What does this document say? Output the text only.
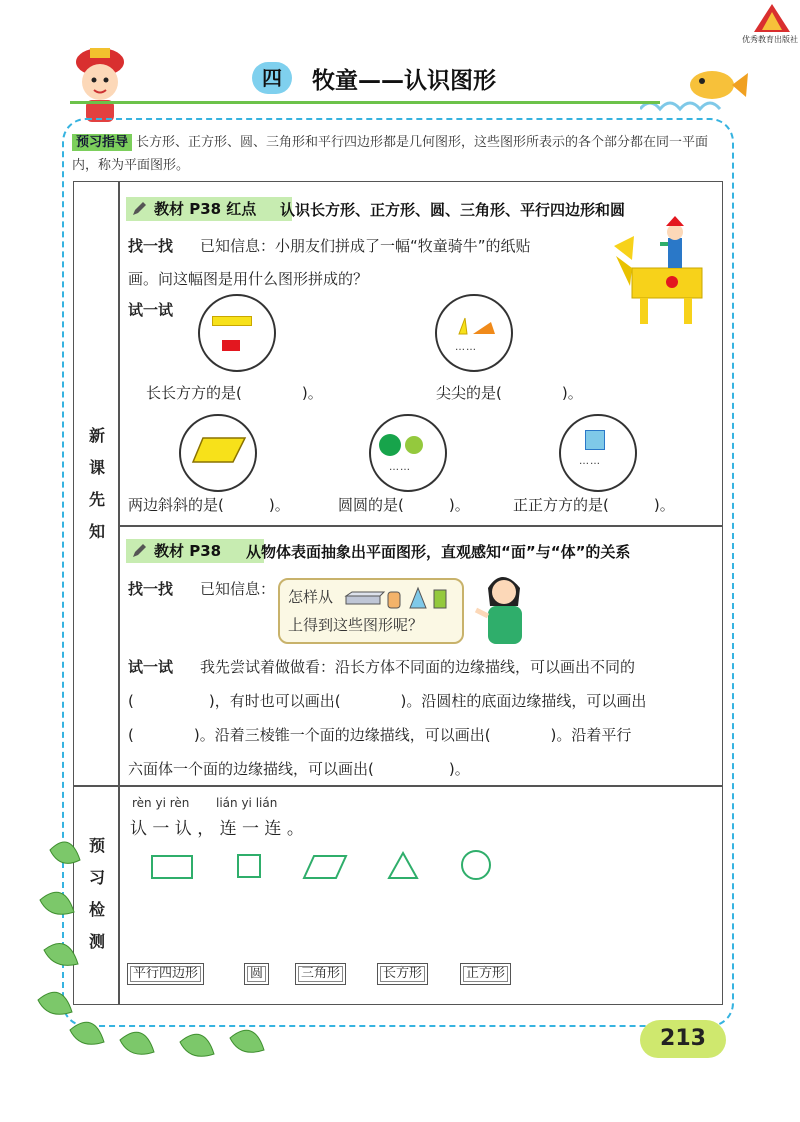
优秀教育出版社
四	牧童——认识图形
预习指导 长方形、正方形、圆、三角形和平行四边形都是几何图形，这些图形所表示的各个部分都在同一平面内，称为平面图形。
新
课
先
知
预
习
检
测
教材 P38 红点	认识长方形、正方形、圆、三角形、平行四边形和圆
找一找 已知信息：小朋友们拼成了一幅“牧童骑牛”的纸贴
画。问这幅图是用什么图形拼成的？
试一试
……
长长方方的是(　　　　)。	尖尖的是(　　　　)。
……
……
两边斜斜的是(　　　)。	圆圆的是(　　　)。	正正方方的是(　　　)。
教材 P38	从物体表面抽象出平面图形，直观感知“面”与“体”的关系
找一找 已知信息： 怎样从
上得到这些图形呢？
试一试 我先尝试着做做看：沿长方体不同面的边缘描线，可以画出不同的
(　　　　　)，有时也可以画出(　　　　)。沿圆柱的底面边缘描线，可以画出
(　　　　)。沿着三棱锥一个面的边缘描线，可以画出(　　　　)。沿着平行
六面体一个面的边缘描线，可以画出(　　　　　)。
rèn yi rèn lián yi lián
认 一 认 ， 连 一 连 。
平行四边形	圆	三角形	长方形	正方形
213
